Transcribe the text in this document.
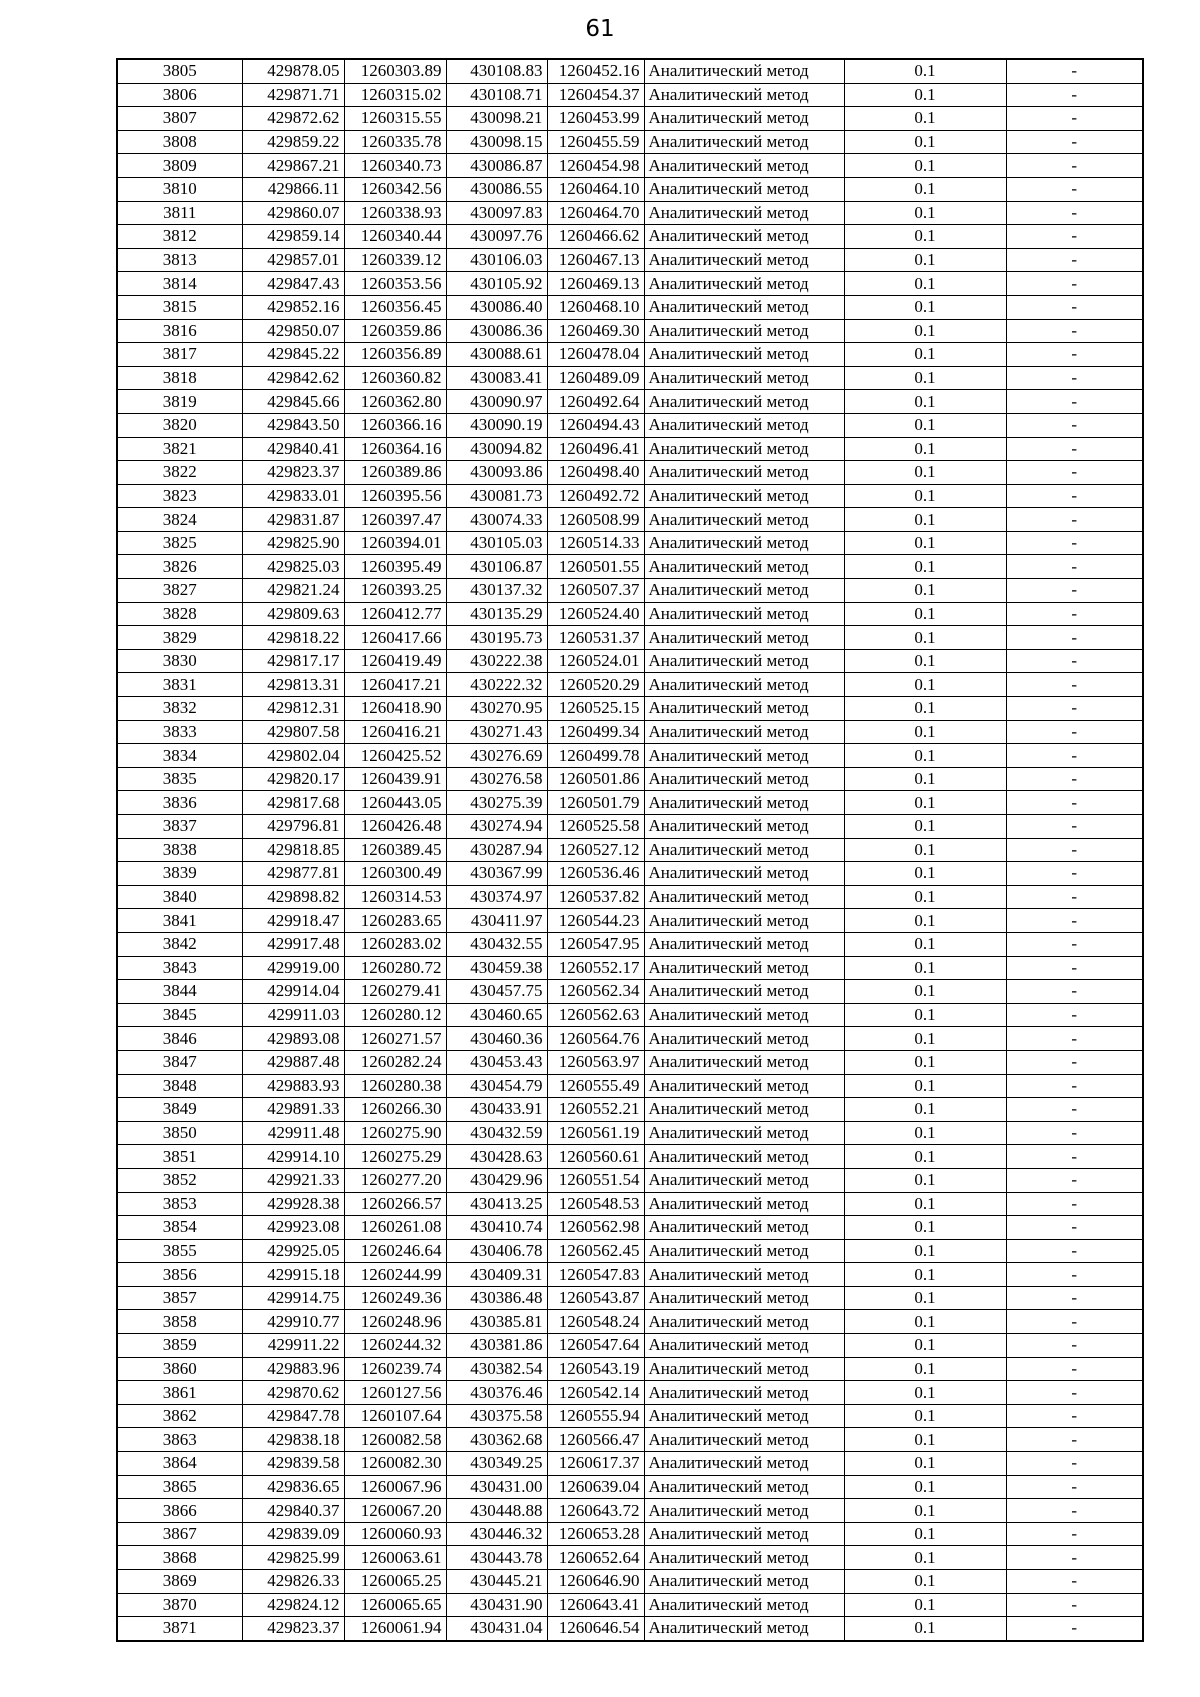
61
3805	429878.05	1260303.89	430108.83	1260452.16	Аналитический метод	0.1	-
3806	429871.71	1260315.02	430108.71	1260454.37	Аналитический метод	0.1	-
3807	429872.62	1260315.55	430098.21	1260453.99	Аналитический метод	0.1	-
3808	429859.22	1260335.78	430098.15	1260455.59	Аналитический метод	0.1	-
3809	429867.21	1260340.73	430086.87	1260454.98	Аналитический метод	0.1	-
3810	429866.11	1260342.56	430086.55	1260464.10	Аналитический метод	0.1	-
3811	429860.07	1260338.93	430097.83	1260464.70	Аналитический метод	0.1	-
3812	429859.14	1260340.44	430097.76	1260466.62	Аналитический метод	0.1	-
3813	429857.01	1260339.12	430106.03	1260467.13	Аналитический метод	0.1	-
3814	429847.43	1260353.56	430105.92	1260469.13	Аналитический метод	0.1	-
3815	429852.16	1260356.45	430086.40	1260468.10	Аналитический метод	0.1	-
3816	429850.07	1260359.86	430086.36	1260469.30	Аналитический метод	0.1	-
3817	429845.22	1260356.89	430088.61	1260478.04	Аналитический метод	0.1	-
3818	429842.62	1260360.82	430083.41	1260489.09	Аналитический метод	0.1	-
3819	429845.66	1260362.80	430090.97	1260492.64	Аналитический метод	0.1	-
3820	429843.50	1260366.16	430090.19	1260494.43	Аналитический метод	0.1	-
3821	429840.41	1260364.16	430094.82	1260496.41	Аналитический метод	0.1	-
3822	429823.37	1260389.86	430093.86	1260498.40	Аналитический метод	0.1	-
3823	429833.01	1260395.56	430081.73	1260492.72	Аналитический метод	0.1	-
3824	429831.87	1260397.47	430074.33	1260508.99	Аналитический метод	0.1	-
3825	429825.90	1260394.01	430105.03	1260514.33	Аналитический метод	0.1	-
3826	429825.03	1260395.49	430106.87	1260501.55	Аналитический метод	0.1	-
3827	429821.24	1260393.25	430137.32	1260507.37	Аналитический метод	0.1	-
3828	429809.63	1260412.77	430135.29	1260524.40	Аналитический метод	0.1	-
3829	429818.22	1260417.66	430195.73	1260531.37	Аналитический метод	0.1	-
3830	429817.17	1260419.49	430222.38	1260524.01	Аналитический метод	0.1	-
3831	429813.31	1260417.21	430222.32	1260520.29	Аналитический метод	0.1	-
3832	429812.31	1260418.90	430270.95	1260525.15	Аналитический метод	0.1	-
3833	429807.58	1260416.21	430271.43	1260499.34	Аналитический метод	0.1	-
3834	429802.04	1260425.52	430276.69	1260499.78	Аналитический метод	0.1	-
3835	429820.17	1260439.91	430276.58	1260501.86	Аналитический метод	0.1	-
3836	429817.68	1260443.05	430275.39	1260501.79	Аналитический метод	0.1	-
3837	429796.81	1260426.48	430274.94	1260525.58	Аналитический метод	0.1	-
3838	429818.85	1260389.45	430287.94	1260527.12	Аналитический метод	0.1	-
3839	429877.81	1260300.49	430367.99	1260536.46	Аналитический метод	0.1	-
3840	429898.82	1260314.53	430374.97	1260537.82	Аналитический метод	0.1	-
3841	429918.47	1260283.65	430411.97	1260544.23	Аналитический метод	0.1	-
3842	429917.48	1260283.02	430432.55	1260547.95	Аналитический метод	0.1	-
3843	429919.00	1260280.72	430459.38	1260552.17	Аналитический метод	0.1	-
3844	429914.04	1260279.41	430457.75	1260562.34	Аналитический метод	0.1	-
3845	429911.03	1260280.12	430460.65	1260562.63	Аналитический метод	0.1	-
3846	429893.08	1260271.57	430460.36	1260564.76	Аналитический метод	0.1	-
3847	429887.48	1260282.24	430453.43	1260563.97	Аналитический метод	0.1	-
3848	429883.93	1260280.38	430454.79	1260555.49	Аналитический метод	0.1	-
3849	429891.33	1260266.30	430433.91	1260552.21	Аналитический метод	0.1	-
3850	429911.48	1260275.90	430432.59	1260561.19	Аналитический метод	0.1	-
3851	429914.10	1260275.29	430428.63	1260560.61	Аналитический метод	0.1	-
3852	429921.33	1260277.20	430429.96	1260551.54	Аналитический метод	0.1	-
3853	429928.38	1260266.57	430413.25	1260548.53	Аналитический метод	0.1	-
3854	429923.08	1260261.08	430410.74	1260562.98	Аналитический метод	0.1	-
3855	429925.05	1260246.64	430406.78	1260562.45	Аналитический метод	0.1	-
3856	429915.18	1260244.99	430409.31	1260547.83	Аналитический метод	0.1	-
3857	429914.75	1260249.36	430386.48	1260543.87	Аналитический метод	0.1	-
3858	429910.77	1260248.96	430385.81	1260548.24	Аналитический метод	0.1	-
3859	429911.22	1260244.32	430381.86	1260547.64	Аналитический метод	0.1	-
3860	429883.96	1260239.74	430382.54	1260543.19	Аналитический метод	0.1	-
3861	429870.62	1260127.56	430376.46	1260542.14	Аналитический метод	0.1	-
3862	429847.78	1260107.64	430375.58	1260555.94	Аналитический метод	0.1	-
3863	429838.18	1260082.58	430362.68	1260566.47	Аналитический метод	0.1	-
3864	429839.58	1260082.30	430349.25	1260617.37	Аналитический метод	0.1	-
3865	429836.65	1260067.96	430431.00	1260639.04	Аналитический метод	0.1	-
3866	429840.37	1260067.20	430448.88	1260643.72	Аналитический метод	0.1	-
3867	429839.09	1260060.93	430446.32	1260653.28	Аналитический метод	0.1	-
3868	429825.99	1260063.61	430443.78	1260652.64	Аналитический метод	0.1	-
3869	429826.33	1260065.25	430445.21	1260646.90	Аналитический метод	0.1	-
3870	429824.12	1260065.65	430431.90	1260643.41	Аналитический метод	0.1	-
3871	429823.37	1260061.94	430431.04	1260646.54	Аналитический метод	0.1	-
